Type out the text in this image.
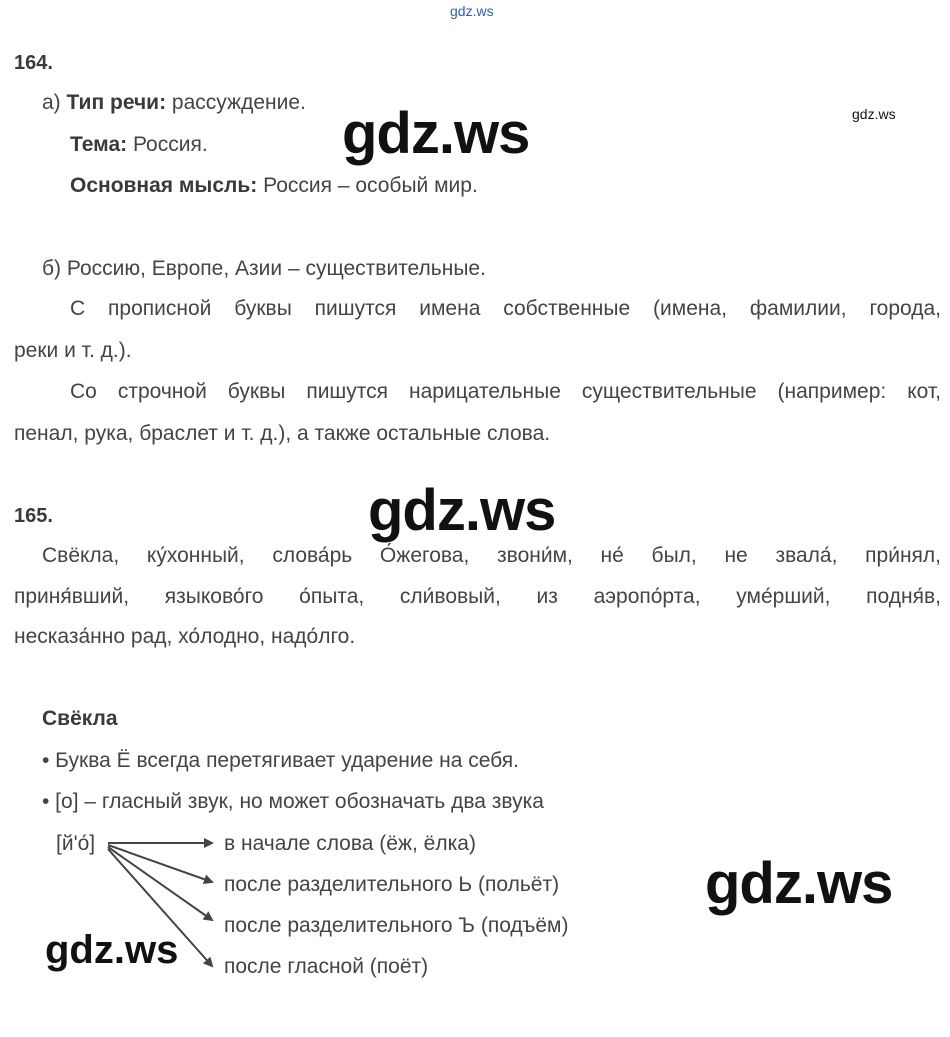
gdz.ws
gdz.ws
gdz.ws
gdz.ws
gdz.ws
gdz.ws
164.
а) Тип речи: рассуждение.
Тема: Россия.
Основная мысль: Россия – особый мир.
б) Россию, Европе, Азии – существительные.
С прописной буквы пишутся имена собственные (имена, фамилии, города,
реки и т. д.).
Со строчной буквы пишутся нарицательные существительные (например: кот,
пенал, рука, браслет и т. д.), а также остальные слова.
165.
Свёкла, ку́хонный, слова́рь О́жегова, звони́м, не́ был, не звала́, при́нял,
приня́вший, языково́го о́пыта, сли́вовый, из аэропо́рта, уме́рший, подня́в,
несказа́нно рад, хо́лодно, надо́лго.
Свёкла
• Буква Ё всегда перетягивает ударение на себя.
• [о] – гласный звук, но может обозначать два звука
[й'о́]	в начале слова (ёж, ёлка)
после разделительного Ь (польёт)
после разделительного Ъ (подъём)
после гласной (поёт)
